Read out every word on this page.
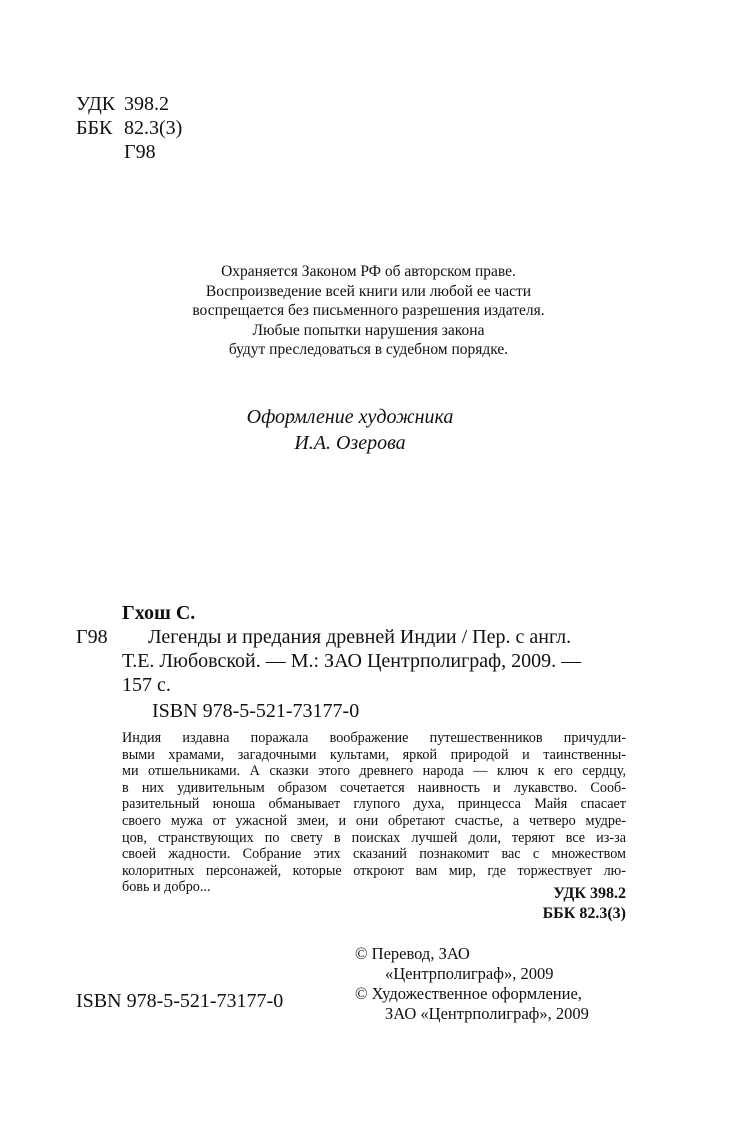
УДК 398.2
ББК 82.3(3)
Г98
Охраняется Законом РФ об авторском праве.
Воспроизведение всей книги или любой ее части
воспрещается без письменного разрешения издателя.
Любые попытки нарушения закона
будут преследоваться в судебном порядке.
Оформление художника
И.А. Озерова
Гхош С.
Г98 Легенды и предания древней Индии / Пер. с англ.
Т.Е. Любовской. — М.: ЗАО Центрполиграф, 2009. —
157 с.
ISBN 978-5-521-73177-0
Индия издавна поражала воображение путешественников причудли-
выми храмами, загадочными культами, яркой природой и таинственны-
ми отшельниками. А сказки этого древнего народа — ключ к его сердцу,
в них удивительным образом сочетается наивность и лукавство. Сооб-
разительный юноша обманывает глупого духа, принцесса Майя спасает
своего мужа от ужасной змеи, и они обретают счастье, а четверо мудре-
цов, странствующих по свету в поисках лучшей доли, теряют все из-за
своей жадности. Собрание этих сказаний познакомит вас с множеством
колоритных персонажей, которые откроют вам мир, где торжествует лю-
бовь и добро...	УДК 398.2
ББК 82.3(3)
© Перевод, ЗАО
«Центрполиграф», 2009
© Художественное оформление,
ЗАО «Центрполиграф», 2009
ISBN 978-5-521-73177-0
